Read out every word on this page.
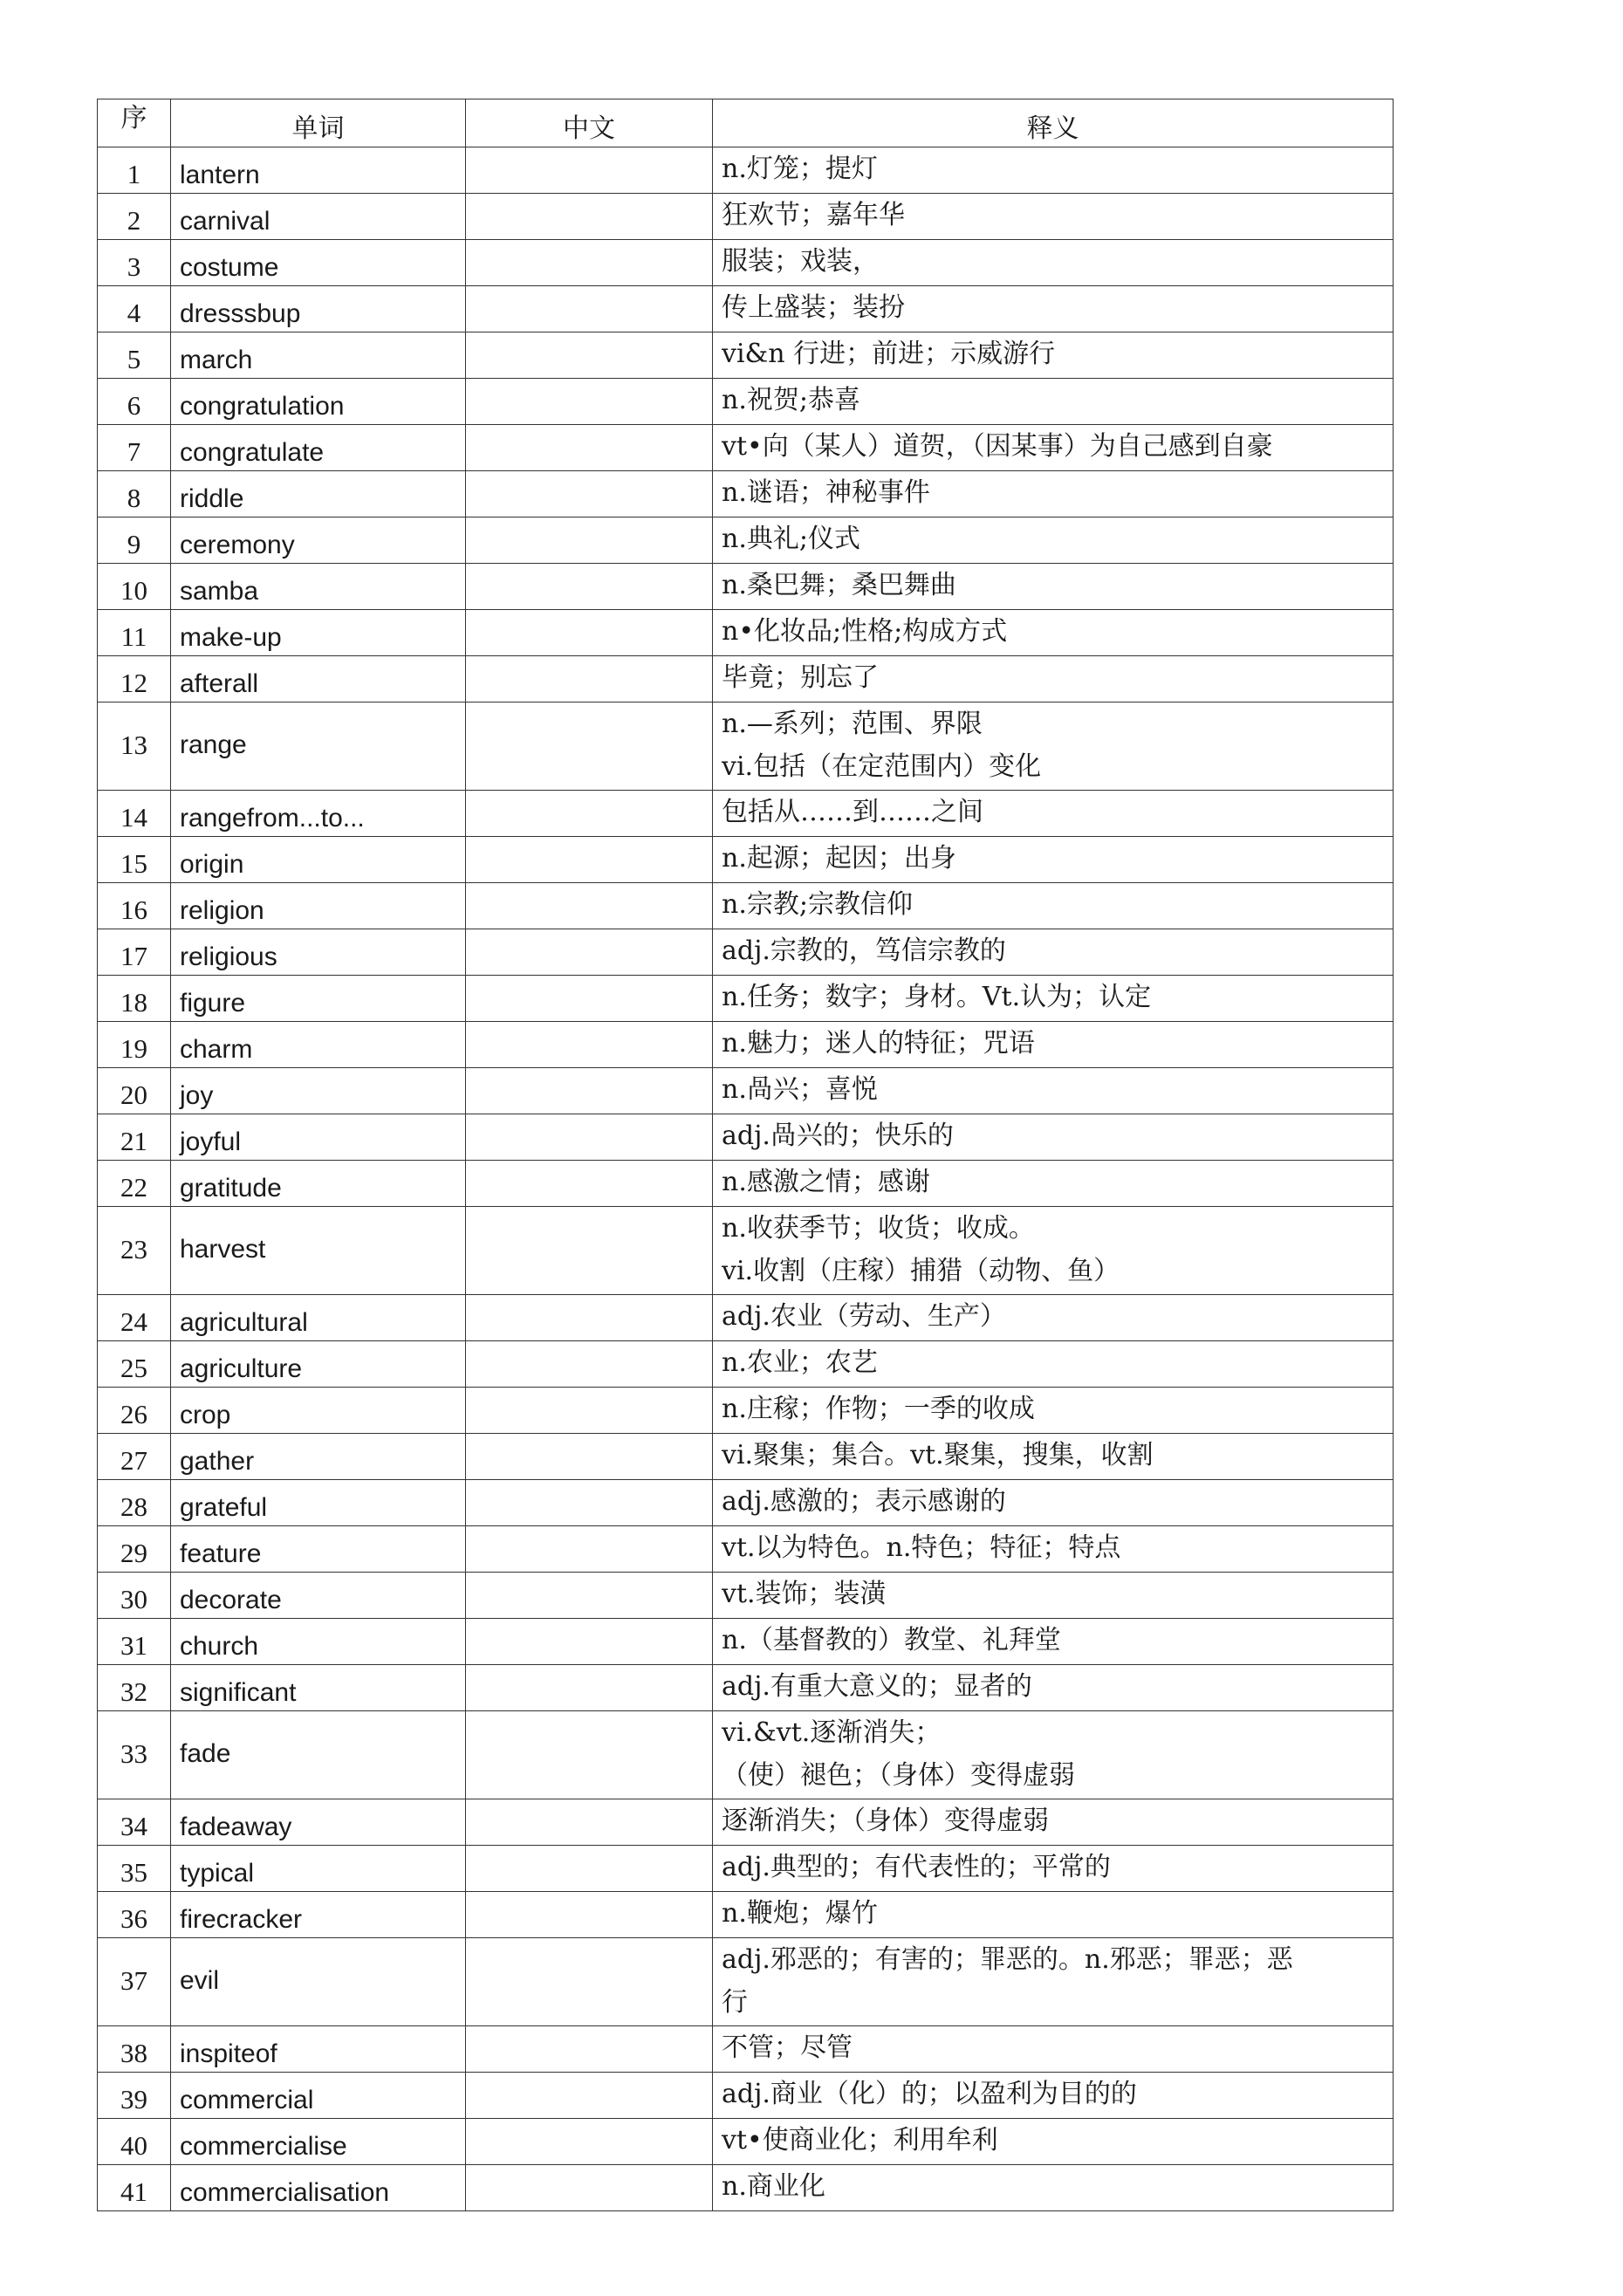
序	单词	中文	释义
1	lantern		n.灯笼；提灯

2	carnival		狂欢节；嘉年华

3	costume		服装；戏装，

4	dresssbup		传上盛装；装扮

5	march		vi&n 行进；前进；示威游行

6	congratulation		n.祝贺;恭喜

7	congratulate		vt•向（某人）道贺，（因某事）为自己感到自豪

8	riddle		n.谜语；神秘事件

9	ceremony		n.典礼;仪式

10	samba		n.桑巴舞；桑巴舞曲

11	make-up		n•化妆品;性格;构成方式

12	afterall		毕竟；别忘了

13	range		n.—系列；范围、界限
vi.包括（在定范围内）变化

14	rangefrom...to...		包括从……到……之间

15	origin		n.起源；起因；出身

16	religion		n.宗教;宗教信仰

17	religious		adj.宗教的，笃信宗教的

18	figure		n.任务；数字；身材。Vt.认为；认定

19	charm		n.魅力；迷人的特征；咒语

20	joy		n.咼兴；喜悦

21	joyful		adj.咼兴的；快乐的

22	gratitude		n.感激之情；感谢

23	harvest		n.收获季节；收货；收成。
vi.收割（庄稼）捕猎（动物、鱼）

24	agricultural		adj.农业（劳动、生产）

25	agriculture		n.农业；农艺

26	crop		n.庄稼；作物；一季的收成

27	gather		vi.聚集；集合。vt.聚集，搜集，收割

28	grateful		adj.感激的；表示感谢的

29	feature		vt.以为特色。n.特色；特征；特点

30	decorate		vt.装饰；装潢

31	church		n.（基督教的）教堂、礼拜堂

32	significant		adj.有重大意义的；显者的

33	fade		vi.&vt.逐渐消失；
（使）褪色；（身体）变得虚弱

34	fadeaway		逐渐消失；（身体）变得虚弱

35	typical		adj.典型的；有代表性的；平常的

36	firecracker		n.鞭炮；爆竹

37	evil		adj.邪恶的；有害的；罪恶的。n.邪恶；罪恶；恶
行

38	inspiteof		不管；尽管

39	commercial		adj.商业（化）的；以盈利为目的的

40	commercialise		vt•使商业化；利用牟利

41	commercialisation		n.商业化
